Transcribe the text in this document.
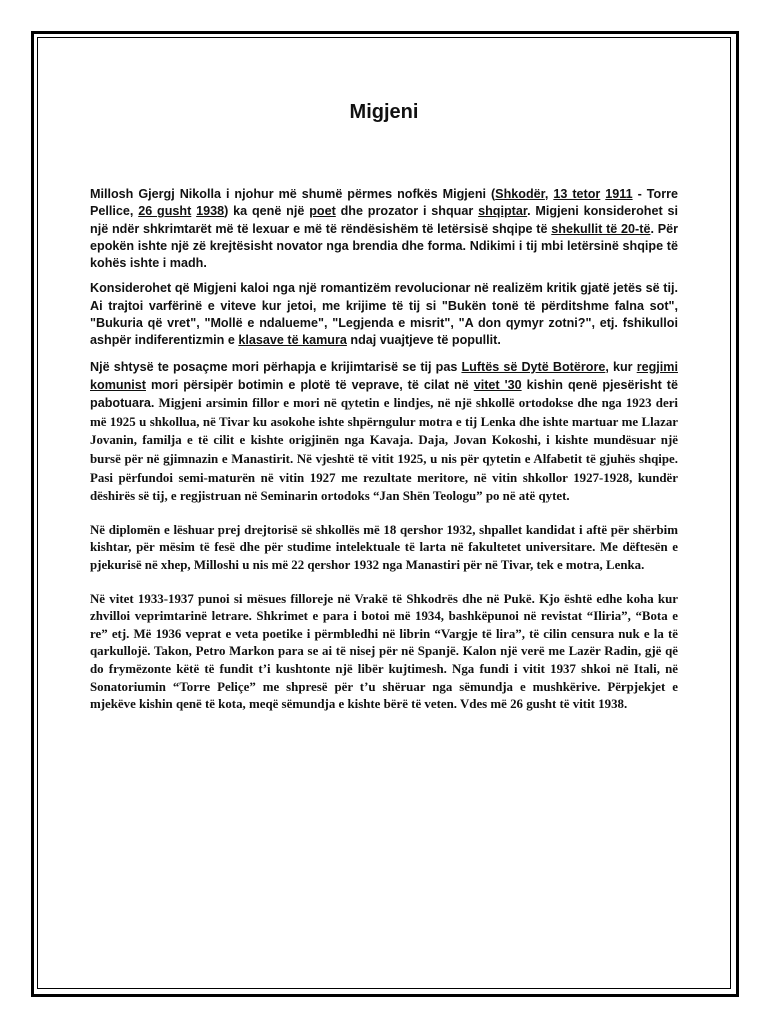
Migjeni

Millosh Gjergj Nikolla i njohur më shumë përmes nofkës Migjeni (Shkodër, 13 tetor 1911 - Torre Pellice, 26 gusht 1938) ka qenë një poet dhe prozator i shquar shqiptar. Migjeni konsiderohet si një ndër shkrimtarët më të lexuar e më të rëndësishëm të letërsisë shqipe të shekullit të 20-të. Për epokën ishte një zë krejtësisht novator nga brendia dhe forma. Ndikimi i tij mbi letërsinë shqipe të kohës ishte i madh.

Konsiderohet që Migjeni kaloi nga një romantizëm revolucionar në realizëm kritik gjatë jetës së tij. Ai trajtoi varfërinë e viteve kur jetoi, me krijime të tij si "Bukën tonë të përditshme falna sot", "Bukuria që vret", "Mollë e ndalueme", "Legjenda e misrit", "A don qymyr zotni?", etj. fshikulloi ashpër indiferentizmin e klasave të kamura ndaj vuajtjeve të popullit.

Një shtysë te posaçme mori përhapja e krijimtarisë se tij pas Luftës së Dytë Botërore, kur regjimi komunist mori përsipër botimin e plotë të veprave, të cilat në vitet '30 kishin qenë pjesërisht të pabotuara. Migjeni arsimin fillor e mori në qytetin e lindjes, në një shkollë ortodokse dhe nga 1923 deri më 1925 u shkollua, në Tivar ku asokohe ishte shpërngulur motra e tij Lenka dhe ishte martuar me Llazar Jovanin, familja e të cilit e kishte origjinën nga Kavaja. Daja, Jovan Kokoshi, i kishte mundësuar një bursë për në gjimnazin e Manastirit. Në vjeshtë të vitit 1925, u nis për qytetin e Alfabetit të gjuhës shqipe. Pasi përfundoi semi-maturën në vitin 1927 me rezultate meritore, në vitin shkollor 1927-1928, kundër dëshirës së tij, e regjistruan në Seminarin ortodoks “Jan Shën Teologu” po në atë qytet.

Në diplomën e lëshuar prej drejtorisë së shkollës më 18 qershor 1932, shpallet kandidat i aftë për shërbim kishtar, për mësim të fesë dhe për studime intelektuale të larta në fakultetet universitare. Me dëftesën e pjekurisë në xhep, Milloshi u nis më 22 qershor 1932 nga Manastiri për në Tivar, tek e motra, Lenka.

Në vitet 1933-1937 punoi si mësues filloreje në Vrakë të Shkodrës dhe në Pukë. Kjo është edhe koha kur zhvilloi veprimtarinë letrare. Shkrimet e para i botoi më 1934, bashkëpunoi në revistat “Iliria”, “Bota e re” etj. Më 1936 veprat e veta poetike i përmbledhi në librin “Vargje të lira”, të cilin censura nuk e la të qarkullojë. Takon, Petro Markon para se ai të nisej për në Spanjë. Kalon një verë me Lazër Radin, gjë që do frymëzonte këtë të fundit t’i kushtonte një libër kujtimesh. Nga fundi i vitit 1937 shkoi në Itali, në Sonatoriumin “Torre Peliçe” me shpresë për t’u shëruar nga sëmundja e mushkërive. Përpjekjet e mjekëve kishin qenë të kota, meqë sëmundja e kishte bërë të veten. Vdes më 26 gusht të vitit 1938.
